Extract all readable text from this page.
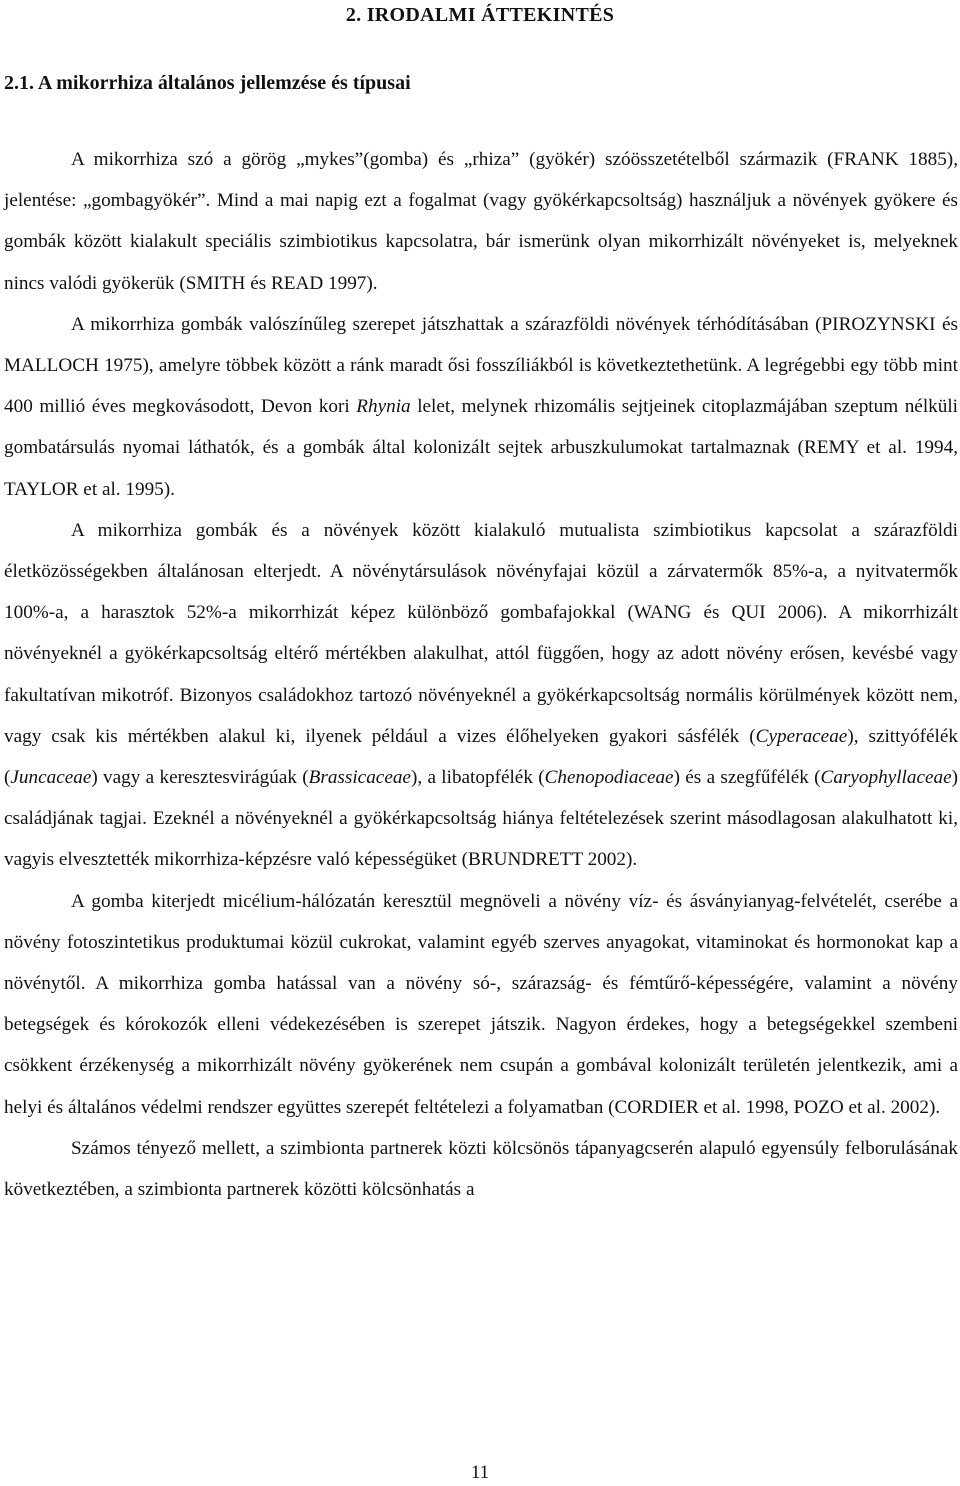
2. IRODALMI ÁTTEKINTÉS
2.1. A mikorrhiza általános jellemzése és típusai

A mikorrhiza szó a görög „mykes”(gomba) és „rhiza” (gyökér) szóösszetételből származik (FRANK 1885), jelentése: „gombagyökér”. Mind a mai napig ezt a fogalmat (vagy gyökérkapcsoltság) használjuk a növények gyökere és gombák között kialakult speciális szimbiotikus kapcsolatra, bár ismerünk olyan mikorrhizált növényeket is, melyeknek nincs valódi gyökerük (SMITH és READ 1997).

A mikorrhiza gombák valószínűleg szerepet játszhattak a szárazföldi növények térhódításában (PIROZYNSKI és MALLOCH 1975), amelyre többek között a ránk maradt ősi fosszíliákból is következtethetünk. A legrégebbi egy több mint 400 millió éves megkovásodott, Devon kori Rhynia lelet, melynek rhizomális sejtjeinek citoplazmájában szeptum nélküli gombatársulás nyomai láthatók, és a gombák által kolonizált sejtek arbuszkulumokat tartalmaznak (REMY et al. 1994, TAYLOR et al. 1995).

A mikorrhiza gombák és a növények között kialakuló mutualista szimbiotikus kapcsolat a szárazföldi életközösségekben általánosan elterjedt. A növénytársulások növényfajai közül a zárvatermők 85%-a, a nyitvatermők 100%-a, a harasztok 52%-a mikorrhizát képez különböző gombafajokkal (WANG és QUI 2006). A mikorrhizált növényeknél a gyökérkapcsoltság eltérő mértékben alakulhat, attól függően, hogy az adott növény erősen, kevésbé vagy fakultatívan mikotróf. Bizonyos családokhoz tartozó növényeknél a gyökérkapcsoltság normális körülmények között nem, vagy csak kis mértékben alakul ki, ilyenek például a vizes élőhelyeken gyakori sásfélék (Cyperaceae), szittyófélék (Juncaceae) vagy a keresztesvirágúak (Brassicaceae), a libatopfélék (Chenopodiaceae) és a szegfűfélék (Caryophyllaceae) családjának tagjai. Ezeknél a növényeknél a gyökérkapcsoltság hiánya feltételezések szerint másodlagosan alakulhatott ki, vagyis elvesztették mikorrhiza-képzésre való képességüket (BRUNDRETT 2002).

A gomba kiterjedt micélium-hálózatán keresztül megnöveli a növény víz- és ásványianyag-felvételét, cserébe a növény fotoszintetikus produktumai közül cukrokat, valamint egyéb szerves anyagokat, vitaminokat és hormonokat kap a növénytől. A mikorrhiza gomba hatással van a növény só-, szárazság- és fémtűrő-képességére, valamint a növény betegségek és kórokozók elleni védekezésében is szerepet játszik. Nagyon érdekes, hogy a betegségekkel szembeni csökkent érzékenység a mikorrhizált növény gyökerének nem csupán a gombával kolonizált területén jelentkezik, ami a helyi és általános védelmi rendszer együttes szerepét feltételezi a folyamatban (CORDIER et al. 1998, POZO et al. 2002).

Számos tényező mellett, a szimbionta partnerek közti kölcsönös tápanyagcserén alapuló egyensúly felborulásának következtében, a szimbionta partnerek közötti kölcsönhatás a

11
